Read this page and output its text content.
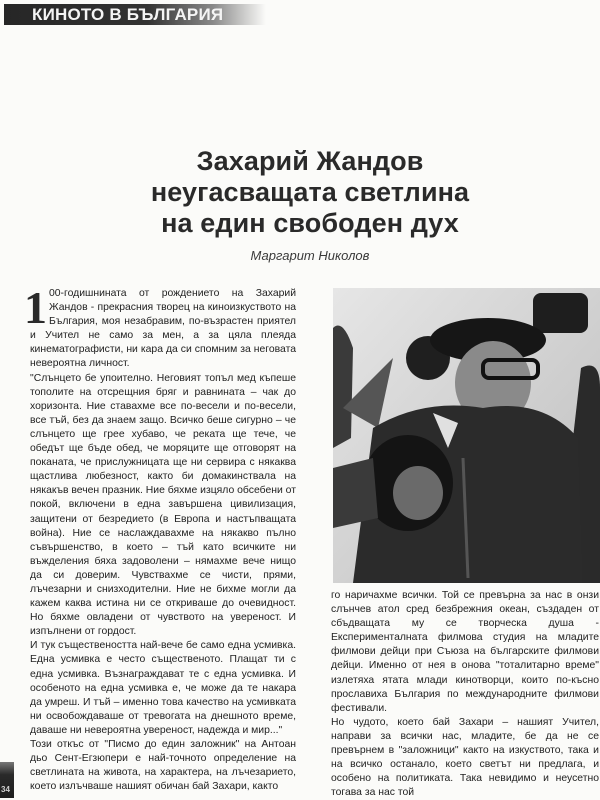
КИНОТО В БЪЛГАРИЯ
Захарий Жандов
неугасващата светлина
на един свободен дух
Маргарит Николов

1 00-годишнината от рождението на Захарий Жандов - прекрасния творец на киноизкуството на България, моя незабравим, по-възрастен приятел и Учител не само за мен, а за цяла плеяда кинематографисти, ни кара да си спомним за неговата невероятна личност.

"Слънцето бе упоително. Неговият топъл мед къпеше тополите на отсрещния бряг и равнината – чак до хоризонта. Ние ставахме все по-весели и по-весели, все тъй, без да знаем защо. Всичко беше сигурно – че слънцето ще грее хубаво, че реката ще тече, че обедът ще бъде обед, че моряците ще отговорят на поканата, че прислужницата ще ни сервира с някаква щастлива любезност, както би домакинствала на някакъв вечен празник. Ние бяхме изцяло обсебени от покой, включени в една завършена цивилизация, защитени от безредието (в Европа и настъпващата война). Ние се наслаждавахме на някакво пълно съвършенство, в което – тъй като всичките ни въжделения бяха задоволени – нямахме вече нищо да си доверим. Чувствахме се чисти, прями, лъчезарни и снизходителни. Ние не бихме могли да кажем каква истина ни се откриваше до очевидност. Но бяхме овладени от чувството на увереност. И изпълнени от гордост.

И тук съществеността най-вече бе само една усмивка. Една усмивка е често същественото. Плащат ти с една усмивка. Възнаграждават те с една усмивка. И особеното на една усмивка е, че може да те накара да умреш. И тъй – именно това качество на усмивката ни освобождаваше от тревогата на днешното време, даваше ни невероятна увереност, надежда и мир..."

Този откъс от "Писмо до един заложник" на Антоан дьо Сент-Егзюпери е най-точното определение на светлината на живота, на характера, на лъчезарието, което излъчваше нашият обичан бай Захари, както

го наричахме всички. Той се превърна за нас в онзи слънчев атол сред безбрежния океан, създаден от сбъдващата му се творческа душа - Експерименталната филмова студия на младите филмови дейци при Съюза на българските филмови дейци. Именно от нея в онова "тоталитарно време" излетяха ятата млади кинотворци, които по-късно прославиха България по международните филмови фестивали.

Но чудото, което бай Захари – нашият Учител, направи за всички нас, младите, бе да не се превърнем в "заложници" както на изкуството, така и на всичко останало, което светът ни предлага, и особено на политиката. Така невидимо и неусетно тогава за нас той

34
